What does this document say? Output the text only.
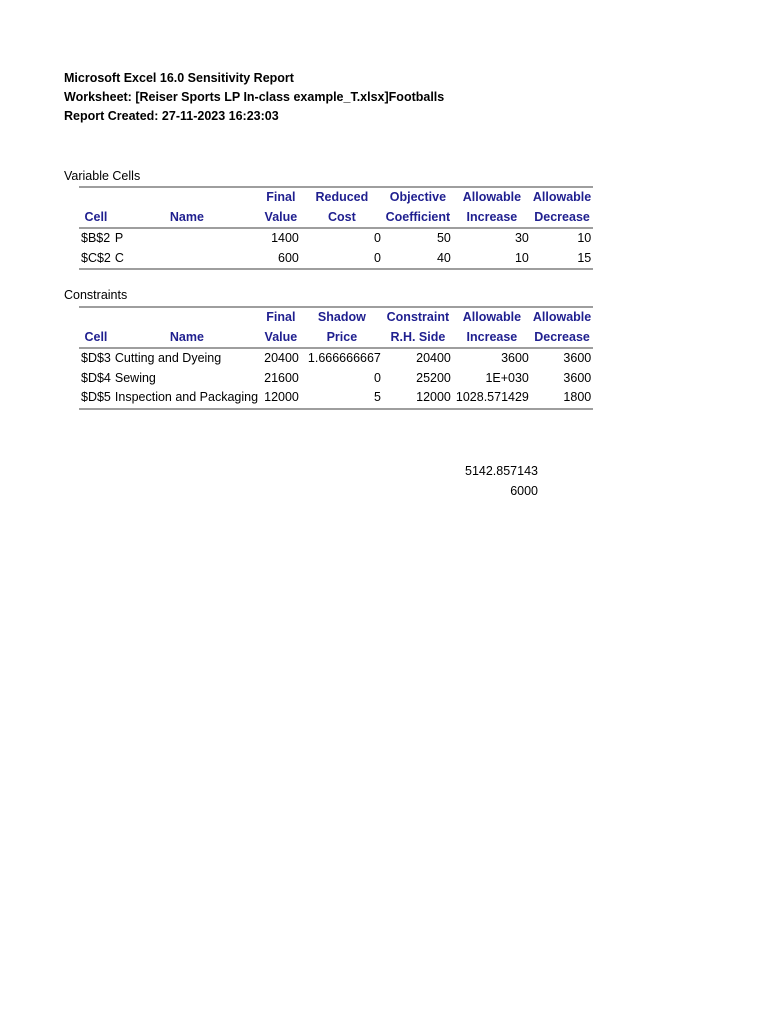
Microsoft Excel 16.0 Sensitivity Report
Worksheet: [Reiser Sports LP In-class example_T.xlsx]Footballs
Report Created: 27-11-2023 16:23:03
Variable Cells
		Final	Reduced	Objective	Allowable	Allowable
Cell	Name	Value	Cost	Coefficient	Increase	Decrease
$B$2	P	1400	0	50	30	10
$C$2	C	600	0	40	10	15
Constraints
		Final	Shadow	Constraint	Allowable	Allowable
Cell	Name	Value	Price	R.H. Side	Increase	Decrease
$D$3	Cutting and Dyeing	20400	1.666666667	20400	3600	3600
$D$4	Sewing	21600	0	25200	1E+030	3600
$D$5	Inspection and Packaging	12000	5	12000	1028.571429	1800
5142.857143
6000
